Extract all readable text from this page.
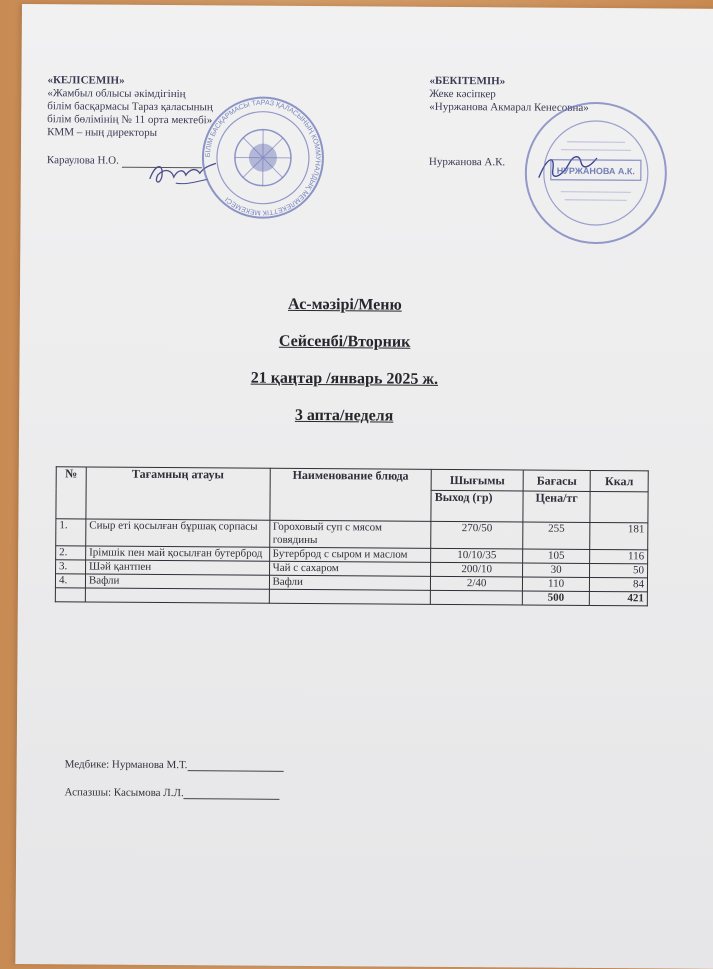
«КЕЛІСЕМІН»
«Жамбыл облысы әкімдігінің
білім басқармасы Тараз қаласының
білім бөлімінің № 11 орта мектебі»
КММ – ның директоры
Караулова Н.О.	БІЛІМ БАСҚАРМАСЫ ТАРАЗ ҚАЛАСЫНЫҢ КОММУНАЛДЫҚ МЕМЛЕКЕТТІК МЕКЕМЕСІ
«БЕКІТЕМІН»
Жеке кәсіпкер
«Нуржанова Акмарал Кенесовна»
Нуржанова А.К.
НУРЖАНОВА А.К.
Ас-мәзірі/Меню
Сейсенбі/Вторник
21 қаңтар /январь 2025 ж.
3 апта/неделя
№	Тағамның атауы	Наименование блюда	Шығымы	Бағасы	Ккал
			Выход (гр)	Цена/тг	
1.	Сиыр еті қосылған бұршақ сорпасы	Гороховый суп с мясом говядины	270/50	255	181
2.	Ірімшік пен май қосылған бутерброд	Бутерброд с сыром и маслом	10/10/35	105	116
3.	Шәй қантпен	Чай с сахаром	200/10	30	50
4.	Вафли	Вафли	2/40	110	84
				500	421
Медбике: Нурманова М.Т.
Аспазшы: Касымова Л.Л.
